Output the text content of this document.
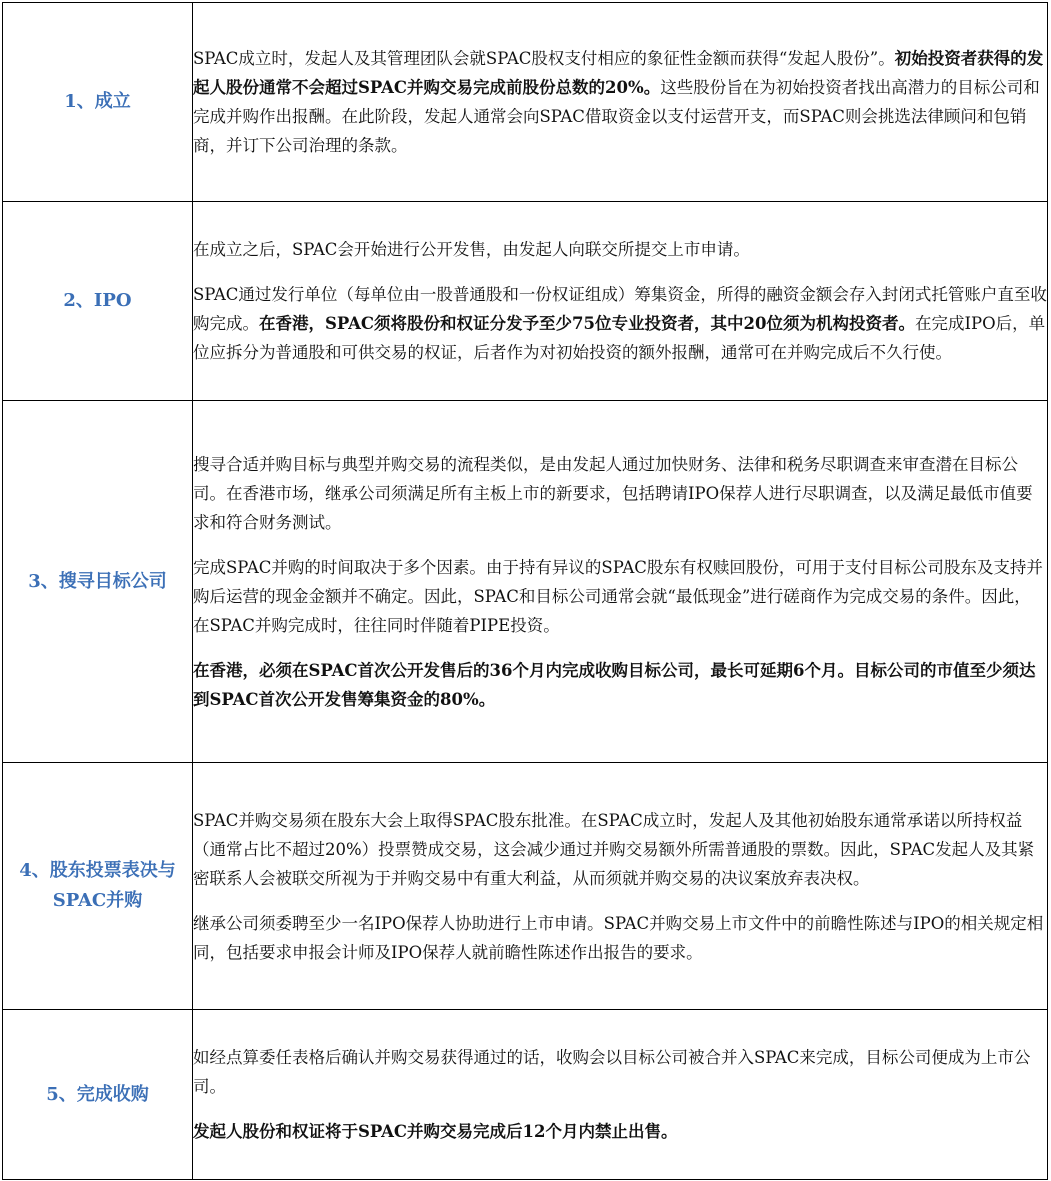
1、成立	SPAC成立时，发起人及其管理团队会就SPAC股权支付相应的象征性金额而获得“发起人股份”。初始投资者获得的发起人股份通常不会超过SPAC并购交易完成前股份总数的20%。这些股份旨在为初始投资者找出高潜力的目标公司和完成并购作出报酬。在此阶段，发起人通常会向SPAC借取资金以支付运营开支，而SPAC则会挑选法律顾问和包销商，并订下公司治理的条款。

2、IPO	在成立之后，SPAC会开始进行公开发售，由发起人向联交所提交上市申请。

SPAC通过发行单位（每单位由一股普通股和一份权证组成）筹集资金，所得的融资金额会存入封闭式托管账户直至收购完成。在香港，SPAC须将股份和权证分发予至少75位专业投资者，其中20位须为机构投资者。在完成IPO后，单位应拆分为普通股和可供交易的权证，后者作为对初始投资的额外报酬，通常可在并购完成后不久行使。

3、搜寻目标公司	搜寻合适并购目标与典型并购交易的流程类似，是由发起人通过加快财务、法律和税务尽职调查来审查潜在目标公司。在香港市场，继承公司须满足所有主板上市的新要求，包括聘请IPO保荐人进行尽职调查，以及满足最低市值要求和符合财务测试。

完成SPAC并购的时间取决于多个因素。由于持有异议的SPAC股东有权赎回股份，可用于支付目标公司股东及支持并购后运营的现金金额并不确定。因此，SPAC和目标公司通常会就“最低现金”进行磋商作为完成交易的条件。因此，在SPAC并购完成时，往往同时伴随着PIPE投资。

在香港，必须在SPAC首次公开发售后的36个月内完成收购目标公司，最长可延期6个月。目标公司的市值至少须达到SPAC首次公开发售筹集资金的80%。

4、股东投票表决与SPAC并购	SPAC并购交易须在股东大会上取得SPAC股东批准。在SPAC成立时，发起人及其他初始股东通常承诺以所持权益（通常占比不超过20%）投票赞成交易，这会减少通过并购交易额外所需普通股的票数。因此，SPAC发起人及其紧密联系人会被联交所视为于并购交易中有重大利益，从而须就并购交易的决议案放弃表决权。

继承公司须委聘至少一名IPO保荐人协助进行上市申请。SPAC并购交易上市文件中的前瞻性陈述与IPO的相关规定相同，包括要求申报会计师及IPO保荐人就前瞻性陈述作出报告的要求。

5、完成收购	如经点算委任表格后确认并购交易获得通过的话，收购会以目标公司被合并入SPAC来完成，目标公司便成为上市公司。

发起人股份和权证将于SPAC并购交易完成后12个月内禁止出售。
